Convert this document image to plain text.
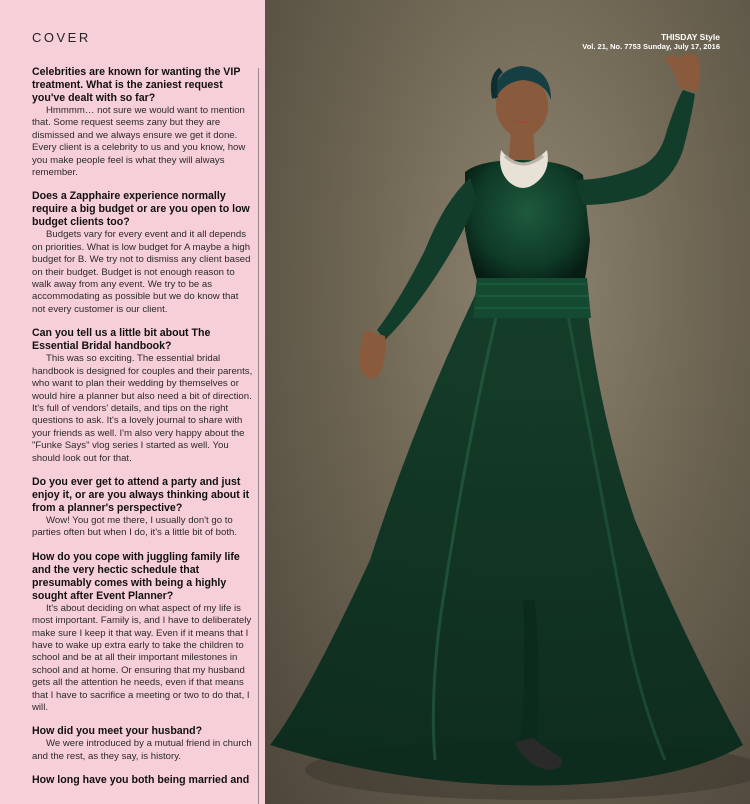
COVER

Celebrities are known for wanting the VIP treatment. What is the zaniest request you've dealt with so far?

Hmmmm… not sure we would want to mention that. Some request seems zany but they are dismissed and we always ensure we get it done. Every client is a celebrity to us and you know, how you make people feel is what they will always remember.

Does a Zapphaire experience normally require a big budget or are you open to low budget clients too?

Budgets vary for every event and it all depends on priorities. What is low budget for A maybe a high budget for B. We try not to dismiss any client based on their budget. Budget is not enough reason to walk away from any event. We try to be as accommodating as possible but we do know that not every customer is our client.

Can you tell us a little bit about The Essential Bridal handbook?

This was so exciting. The essential bridal handbook is designed for couples and their parents, who want to plan their wedding by themselves or would hire a planner but also need a bit of direction. It's full of vendors' details, and tips on the right questions to ask. It's a lovely journal to share with your friends as well. I'm also very happy about the "Funke Says" vlog series I started as well. You should look out for that.

Do you ever get to attend a party and just enjoy it, or are you always thinking about it from a planner's perspective?

Wow! You got me there, I usually don't go to parties often but when I do, it's a little bit of both.

How do you cope with juggling family life and the very hectic schedule that presumably comes with being a highly sought after Event Planner?

It's about deciding on what aspect of my life is most important. Family is, and I have to deliberately make sure I keep it that way. Even if it means that I have to wake up extra early to take the children to school and be at all their important milestones in school and at home. Or ensuring that my husband gets all the attention he needs, even if that means that I have to sacrifice a meeting or two to do that, I will.

How did you meet your husband?

We were introduced by a mutual friend in church and the rest, as they say, is history.

How long have you both being married and

THISDAY Style
Vol. 21, No. 7753 Sunday, July 17, 2016
